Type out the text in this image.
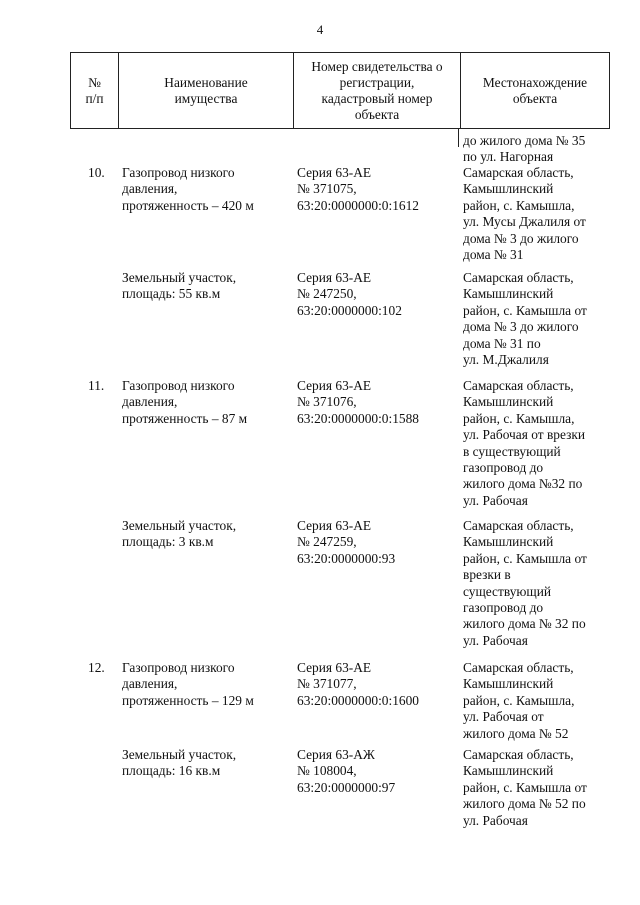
4
№
п/п
Наименование
имущества
Номер свидетельства о
регистрации,
кадастровый номер
объекта
Местонахождение
объекта
до жилого дома № 35
по ул. Нагорная
10. Газопровод низкого
давления,
протяженность – 420 м
Серия 63-АЕ
№ 371075,
63:20:0000000:0:1612
Самарская область,
Камышлинский
район, с. Камышла,
ул. Мусы Джалиля от
дома № 3 до жилого
дома № 31
Земельный участок,
площадь: 55 кв.м
Серия 63-АЕ
№ 247250,
63:20:0000000:102
Самарская область,
Камышлинский
район, с. Камышла от
дома № 3 до жилого
дома № 31 по
ул. М.Джалиля
11. Газопровод низкого
давления,
протяженность – 87 м
Серия 63-АЕ
№ 371076,
63:20:0000000:0:1588
Самарская область,
Камышлинский
район, с. Камышла,
ул. Рабочая от врезки
в существующий
газопровод до
жилого дома №32 по
ул. Рабочая
Земельный участок,
площадь: 3 кв.м
Серия 63-АЕ
№ 247259,
63:20:0000000:93
Самарская область,
Камышлинский
район, с. Камышла от
врезки в
существующий
газопровод до
жилого дома № 32 по
ул. Рабочая
12. Газопровод низкого
давления,
протяженность – 129 м
Серия 63-АЕ
№ 371077,
63:20:0000000:0:1600
Самарская область,
Камышлинский
район, с. Камышла,
ул. Рабочая от
жилого дома № 52
Земельный участок,
площадь: 16 кв.м
Серия 63-АЖ
№ 108004,
63:20:0000000:97
Самарская область,
Камышлинский
район, с. Камышла от
жилого дома № 52 по
ул. Рабочая
